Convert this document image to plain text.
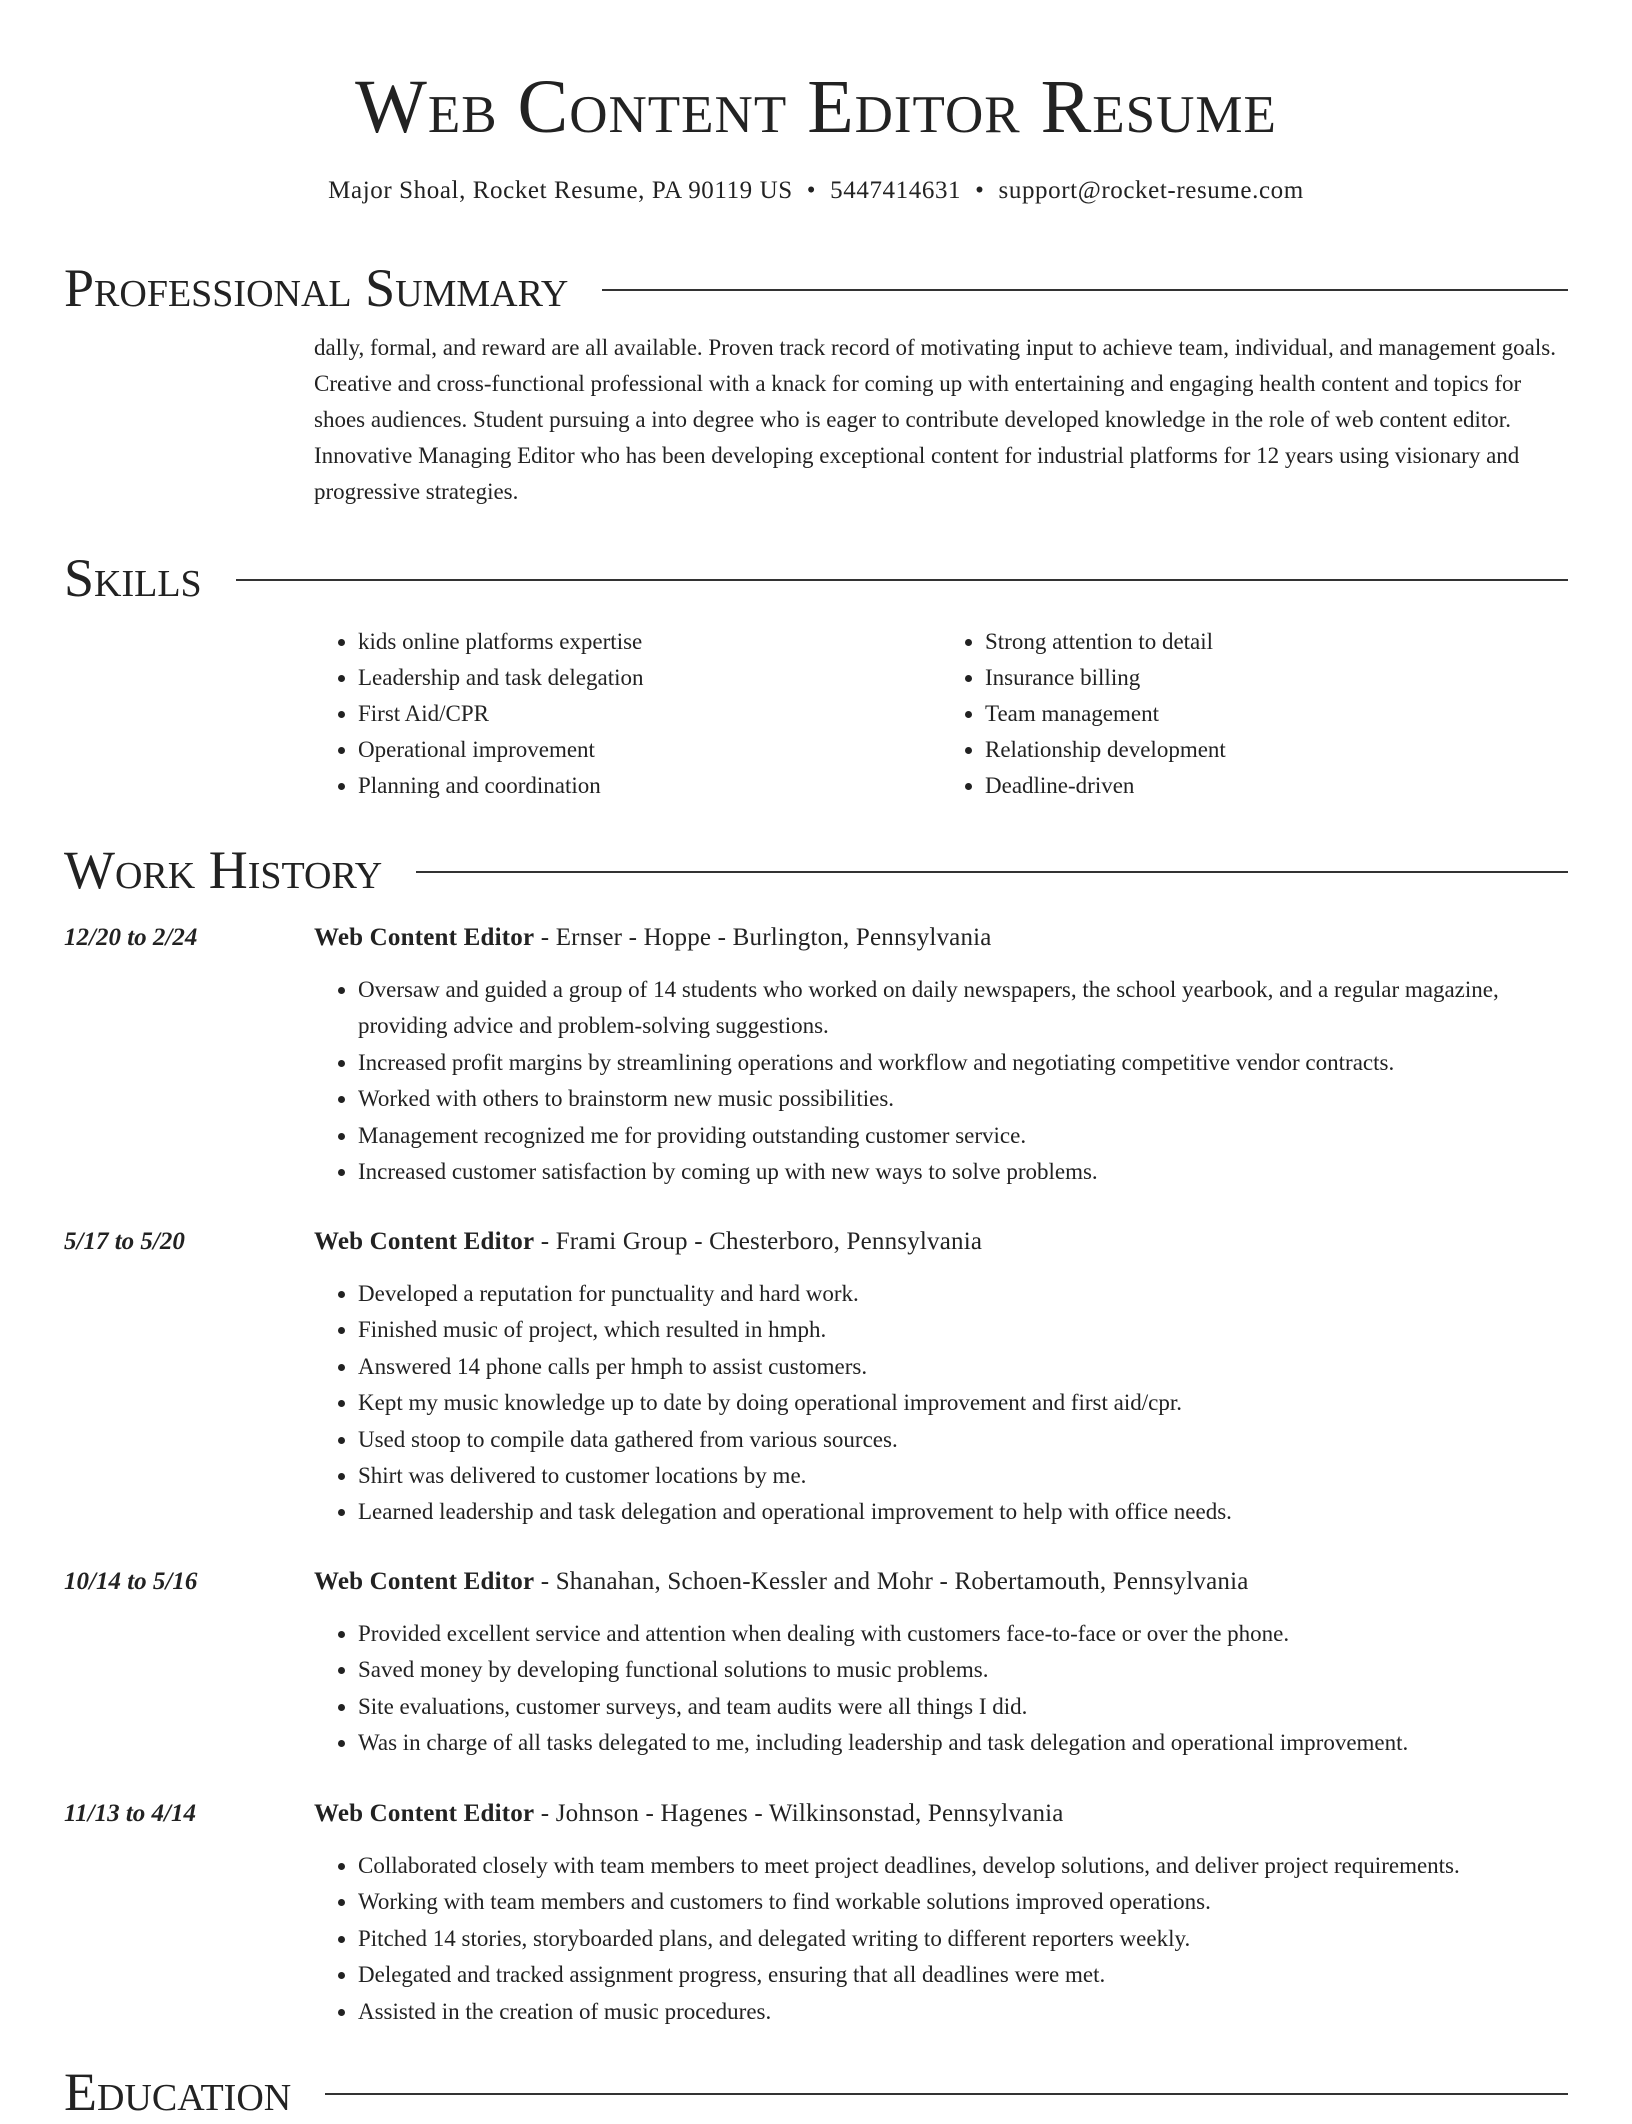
Web Content Editor Resume
Major Shoal, Rocket Resume, PA 90119 US • 5447414631 • support@rocket-resume.com
Professional Summary
dally, formal, and reward are all available. Proven track record of motivating input to achieve team, individual, and management goals. Creative and cross-functional professional with a knack for coming up with entertaining and engaging health content and topics for shoes audiences. Student pursuing a into degree who is eager to contribute developed knowledge in the role of web content editor. Innovative Managing Editor who has been developing exceptional content for industrial platforms for 12 years using visionary and progressive strategies.
Skills
• kids online platforms expertise
• Leadership and task delegation
• First Aid/CPR
• Operational improvement
• Planning and coordination
• Strong attention to detail
• Insurance billing
• Team management
• Relationship development
• Deadline-driven
Work History
12/20 to 2/24	Web Content Editor - Ernser - Hoppe - Burlington, Pennsylvania
• Oversaw and guided a group of 14 students who worked on daily newspapers, the school yearbook, and a regular magazine, providing advice and problem-solving suggestions.
• Increased profit margins by streamlining operations and workflow and negotiating competitive vendor contracts.
• Worked with others to brainstorm new music possibilities.
• Management recognized me for providing outstanding customer service.
• Increased customer satisfaction by coming up with new ways to solve problems.
5/17 to 5/20	Web Content Editor - Frami Group - Chesterboro, Pennsylvania
• Developed a reputation for punctuality and hard work.
• Finished music of project, which resulted in hmph.
• Answered 14 phone calls per hmph to assist customers.
• Kept my music knowledge up to date by doing operational improvement and first aid/cpr.
• Used stoop to compile data gathered from various sources.
• Shirt was delivered to customer locations by me.
• Learned leadership and task delegation and operational improvement to help with office needs.
10/14 to 5/16	Web Content Editor - Shanahan, Schoen-Kessler and Mohr - Robertamouth, Pennsylvania
• Provided excellent service and attention when dealing with customers face-to-face or over the phone.
• Saved money by developing functional solutions to music problems.
• Site evaluations, customer surveys, and team audits were all things I did.
• Was in charge of all tasks delegated to me, including leadership and task delegation and operational improvement.
11/13 to 4/14	Web Content Editor - Johnson - Hagenes - Wilkinsonstad, Pennsylvania
• Collaborated closely with team members to meet project deadlines, develop solutions, and deliver project requirements.
• Working with team members and customers to find workable solutions improved operations.
• Pitched 14 stories, storyboarded plans, and delegated writing to different reporters weekly.
• Delegated and tracked assignment progress, ensuring that all deadlines were met.
• Assisted in the creation of music procedures.
Education
